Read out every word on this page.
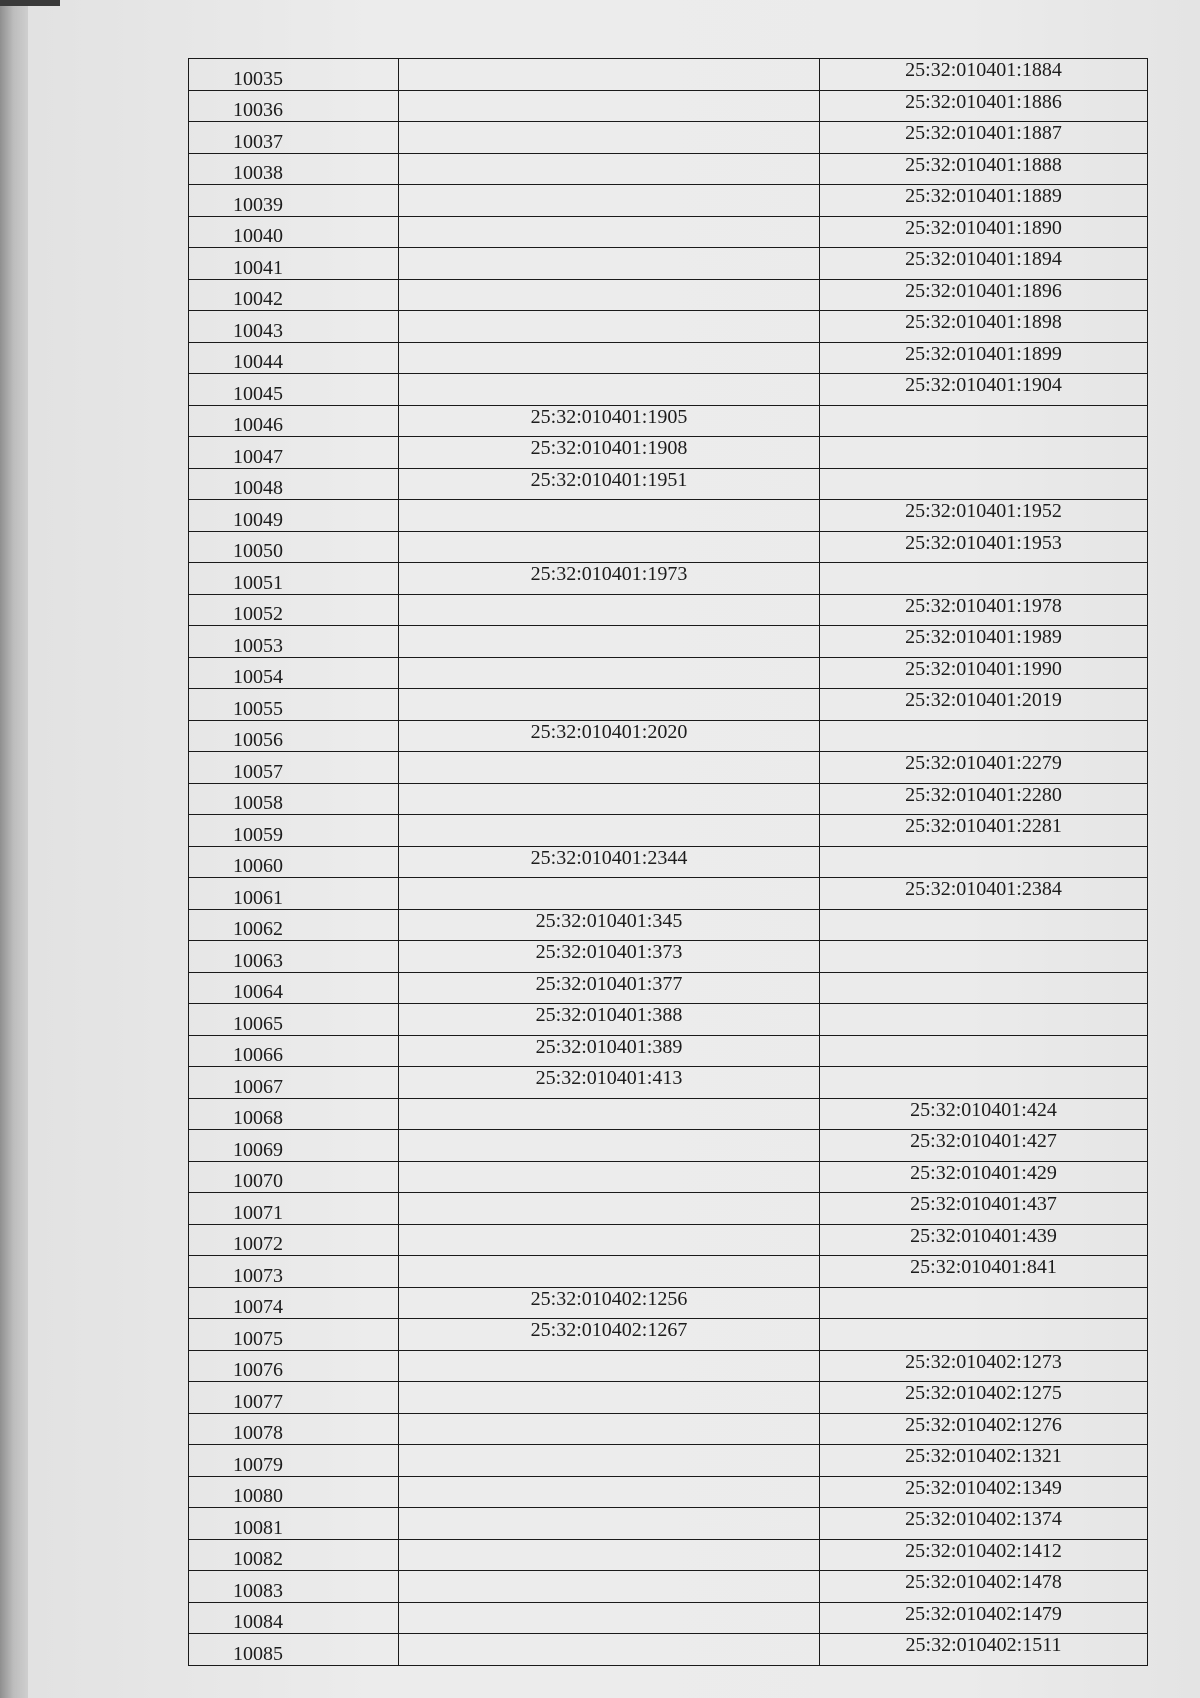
10035		25:32:010401:1884
10036		25:32:010401:1886
10037		25:32:010401:1887
10038		25:32:010401:1888
10039		25:32:010401:1889
10040		25:32:010401:1890
10041		25:32:010401:1894
10042		25:32:010401:1896
10043		25:32:010401:1898
10044		25:32:010401:1899
10045		25:32:010401:1904
10046	25:32:010401:1905	
10047	25:32:010401:1908	
10048	25:32:010401:1951	
10049		25:32:010401:1952
10050		25:32:010401:1953
10051	25:32:010401:1973	
10052		25:32:010401:1978
10053		25:32:010401:1989
10054		25:32:010401:1990
10055		25:32:010401:2019
10056	25:32:010401:2020	
10057		25:32:010401:2279
10058		25:32:010401:2280
10059		25:32:010401:2281
10060	25:32:010401:2344	
10061		25:32:010401:2384
10062	25:32:010401:345	
10063	25:32:010401:373	
10064	25:32:010401:377	
10065	25:32:010401:388	
10066	25:32:010401:389	
10067	25:32:010401:413	
10068		25:32:010401:424
10069		25:32:010401:427
10070		25:32:010401:429
10071		25:32:010401:437
10072		25:32:010401:439
10073		25:32:010401:841
10074	25:32:010402:1256	
10075	25:32:010402:1267	
10076		25:32:010402:1273
10077		25:32:010402:1275
10078		25:32:010402:1276
10079		25:32:010402:1321
10080		25:32:010402:1349
10081		25:32:010402:1374
10082		25:32:010402:1412
10083		25:32:010402:1478
10084		25:32:010402:1479
10085		25:32:010402:1511
